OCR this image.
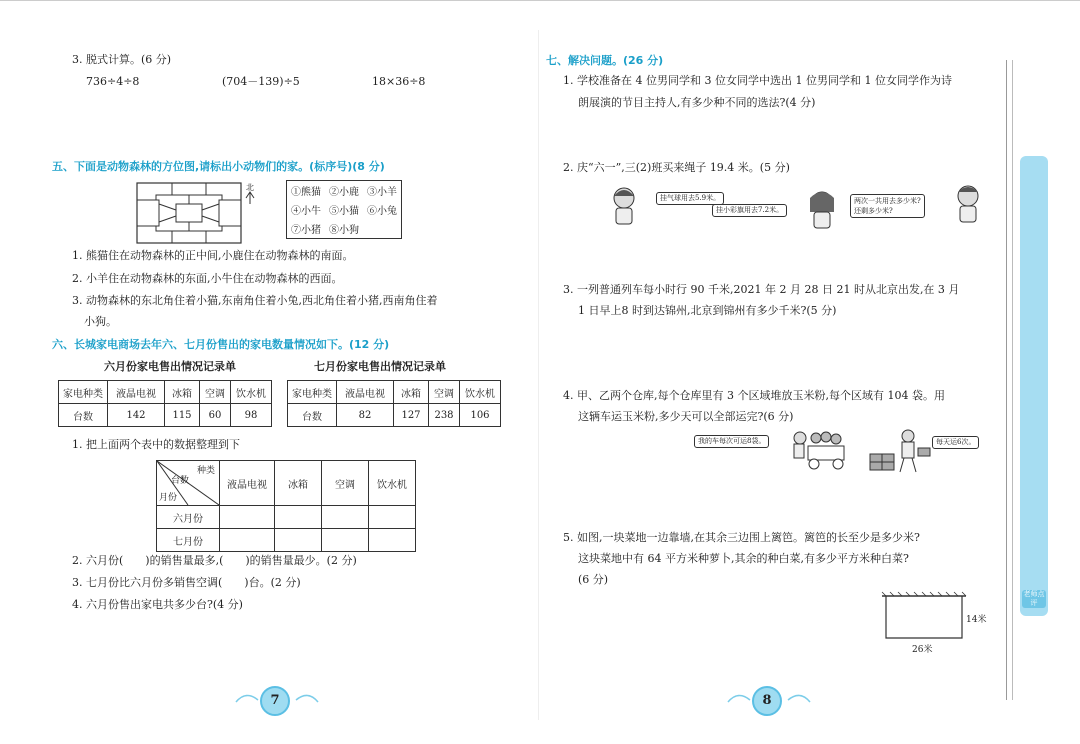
3. 脱式计算。(6 分)
736÷4÷8	(704－139)÷5	18×36÷8
五、下面是动物森林的方位图,请标出小动物们的家。(标序号)(8 分)
北	①熊猫	②小鹿	③小羊
④小牛	⑤小猫	⑥小兔
⑦小猪	⑧小狗	
1. 熊猫住在动物森林的正中间,小鹿住在动物森林的南面。
2. 小羊住在动物森林的东面,小牛住在动物森林的西面。
3. 动物森林的东北角住着小猫,东南角住着小兔,西北角住着小猪,西南角住着
小狗。
六、长城家电商场去年六、七月份售出的家电数量情况如下。(12 分)
六月份家电售出情况记录单	七月份家电售出情况记录单
家电种类	液晶电视	冰箱	空调	饮水机
台数	142	115	60	98
家电种类	液晶电视	冰箱	空调	饮水机
台数	82	127	238	106
1. 把上面两个表中的数据整理到下
种类
台数
月份	液晶电视	冰箱	空调	饮水机
六月份				
七月份				
2. 六月份(　　)的销售量最多,(　　)的销售量最少。(2 分)
3. 七月份比六月份多销售空调(　　)台。(2 分)
4. 六月份售出家电共多少台?(4 分)
7
七、解决问题。(26 分)
1. 学校准备在 4 位男同学和 3 位女同学中选出 1 位男同学和 1 位女同学作为诗
朗展演的节目主持人,有多少种不同的选法?(4 分)
2. 庆“六一”,三(2)班买来绳子 19.4 米。(5 分)
挂气球用去5.9米。
挂小彩旗用去7.2米。
两次一共用去多少米?
还剩多少米?
3. 一列普通列车每小时行 90 千米,2021 年 2 月 28 日 21 时从北京出发,在 3 月
1 日早上8 时到达锦州,北京到锦州有多少千米?(5 分)
4. 甲、乙两个仓库,每个仓库里有 3 个区域堆放玉米粉,每个区域有 104 袋。用
这辆车运玉米粉,多少天可以全部运完?(6 分)
我的车每次可运8袋。	每天运6次。
5. 如图,一块菜地一边靠墙,在其余三边围上篱笆。篱笆的长至少是多少米?
这块菜地中有 64 平方米种萝卜,其余的种白菜,有多少平方米种白菜?
(6 分)
14米
26米
8
老师点评
